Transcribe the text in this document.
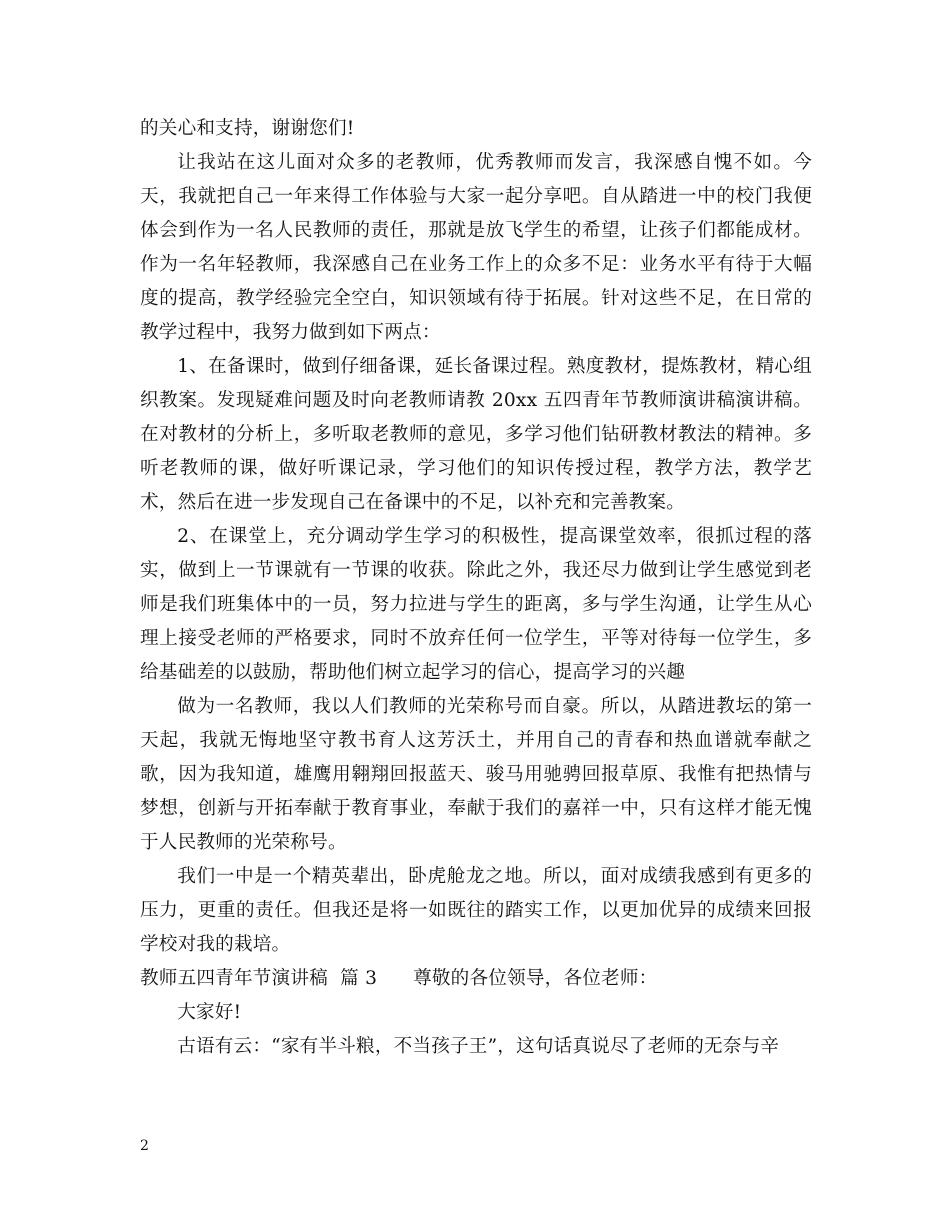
的关心和支持，谢谢您们!

让我站在这儿面对众多的老教师，优秀教师而发言，我深感自愧不如。今天，我就把自己一年来得工作体验与大家一起分享吧。自从踏进一中的校门我便体会到作为一名人民教师的责任，那就是放飞学生的希望，让孩子们都能成材。作为一名年轻教师，我深感自己在业务工作上的众多不足：业务水平有待于大幅度的提高，教学经验完全空白，知识领域有待于拓展。针对这些不足，在日常的教学过程中，我努力做到如下两点：

1、在备课时，做到仔细备课，延长备课过程。熟度教材，提炼教材，精心组织教案。发现疑难问题及时向老教师请教 20xx 五四青年节教师演讲稿演讲稿。在对教材的分析上，多听取老教师的意见，多学习他们钻研教材教法的精神。多听老教师的课，做好听课记录，学习他们的知识传授过程，教学方法，教学艺术，然后在进一步发现自己在备课中的不足，以补充和完善教案。

2、在课堂上，充分调动学生学习的积极性，提高课堂效率，很抓过程的落实，做到上一节课就有一节课的收获。除此之外，我还尽力做到让学生感觉到老师是我们班集体中的一员，努力拉进与学生的距离，多与学生沟通，让学生从心理上接受老师的严格要求，同时不放弃任何一位学生，平等对待每一位学生，多给基础差的以鼓励，帮助他们树立起学习的信心，提高学习的兴趣

做为一名教师，我以人们教师的光荣称号而自豪。所以，从踏进教坛的第一天起，我就无悔地坚守教书育人这芳沃土，并用自己的青春和热血谱就奉献之歌，因为我知道，雄鹰用翱翔回报蓝天、骏马用驰骋回报草原、我惟有把热情与梦想，创新与开拓奉献于教育事业，奉献于我们的嘉祥一中，只有这样才能无愧于人民教师的光荣称号。

我们一中是一个精英辈出，卧虎舱龙之地。所以，面对成绩我感到有更多的压力，更重的责任。但我还是将一如既往的踏实工作，以更加优异的成绩来回报学校对我的栽培。

教师五四青年节演讲稿  篇 3 尊敬的各位领导，各位老师：

大家好!

古语有云：“家有半斗粮，不当孩子王”，这句话真说尽了老师的无奈与辛

2
